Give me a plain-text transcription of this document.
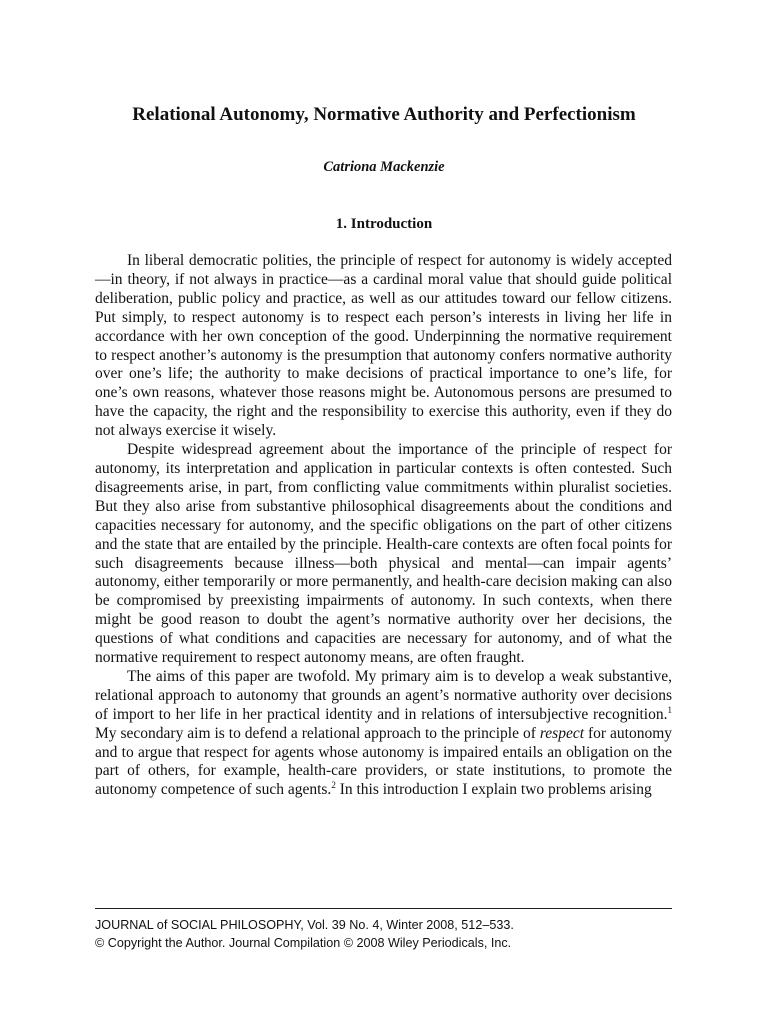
Relational Autonomy, Normative Authority and Perfectionism
Catriona Mackenzie
1. Introduction

In liberal democratic polities, the principle of respect for autonomy is widely accepted—in theory, if not always in practice—as a cardinal moral value that should guide political deliberation, public policy and practice, as well as our attitudes toward our fellow citizens. Put simply, to respect autonomy is to respect each person’s interests in living her life in accordance with her own conception of the good. Underpinning the normative requirement to respect another’s autonomy is the presumption that autonomy confers normative authority over one’s life; the authority to make decisions of practical importance to one’s life, for one’s own reasons, whatever those reasons might be. Autonomous persons are presumed to have the capacity, the right and the responsibility to exercise this authority, even if they do not always exercise it wisely.

Despite widespread agreement about the importance of the principle of respect for autonomy, its interpretation and application in particular contexts is often contested. Such disagreements arise, in part, from conflicting value commitments within pluralist societies. But they also arise from substantive philosophical disagreements about the conditions and capacities necessary for autonomy, and the specific obligations on the part of other citizens and the state that are entailed by the principle. Health-care contexts are often focal points for such disagreements because illness—both physical and mental—can impair agents’ autonomy, either temporarily or more permanently, and health-care decision making can also be compromised by preexisting impairments of autonomy. In such contexts, when there might be good reason to doubt the agent’s normative authority over her decisions, the questions of what conditions and capacities are necessary for autonomy, and of what the normative requirement to respect autonomy means, are often fraught.

The aims of this paper are twofold. My primary aim is to develop a weak substantive, relational approach to autonomy that grounds an agent’s normative authority over decisions of import to her life in her practical identity and in relations of intersubjective recognition.$^1$ My secondary aim is to defend a relational approach to the principle of respect for autonomy and to argue that respect for agents whose autonomy is impaired entails an obligation on the part of others, for example, health-care providers, or state institutions, to promote the autonomy competence of such agents.$^2$ In this introduction I explain two problems arising

JOURNAL of SOCIAL PHILOSOPHY, Vol. 39 No. 4, Winter 2008, 512–533.
© Copyright the Author. Journal Compilation © 2008 Wiley Periodicals, Inc.
